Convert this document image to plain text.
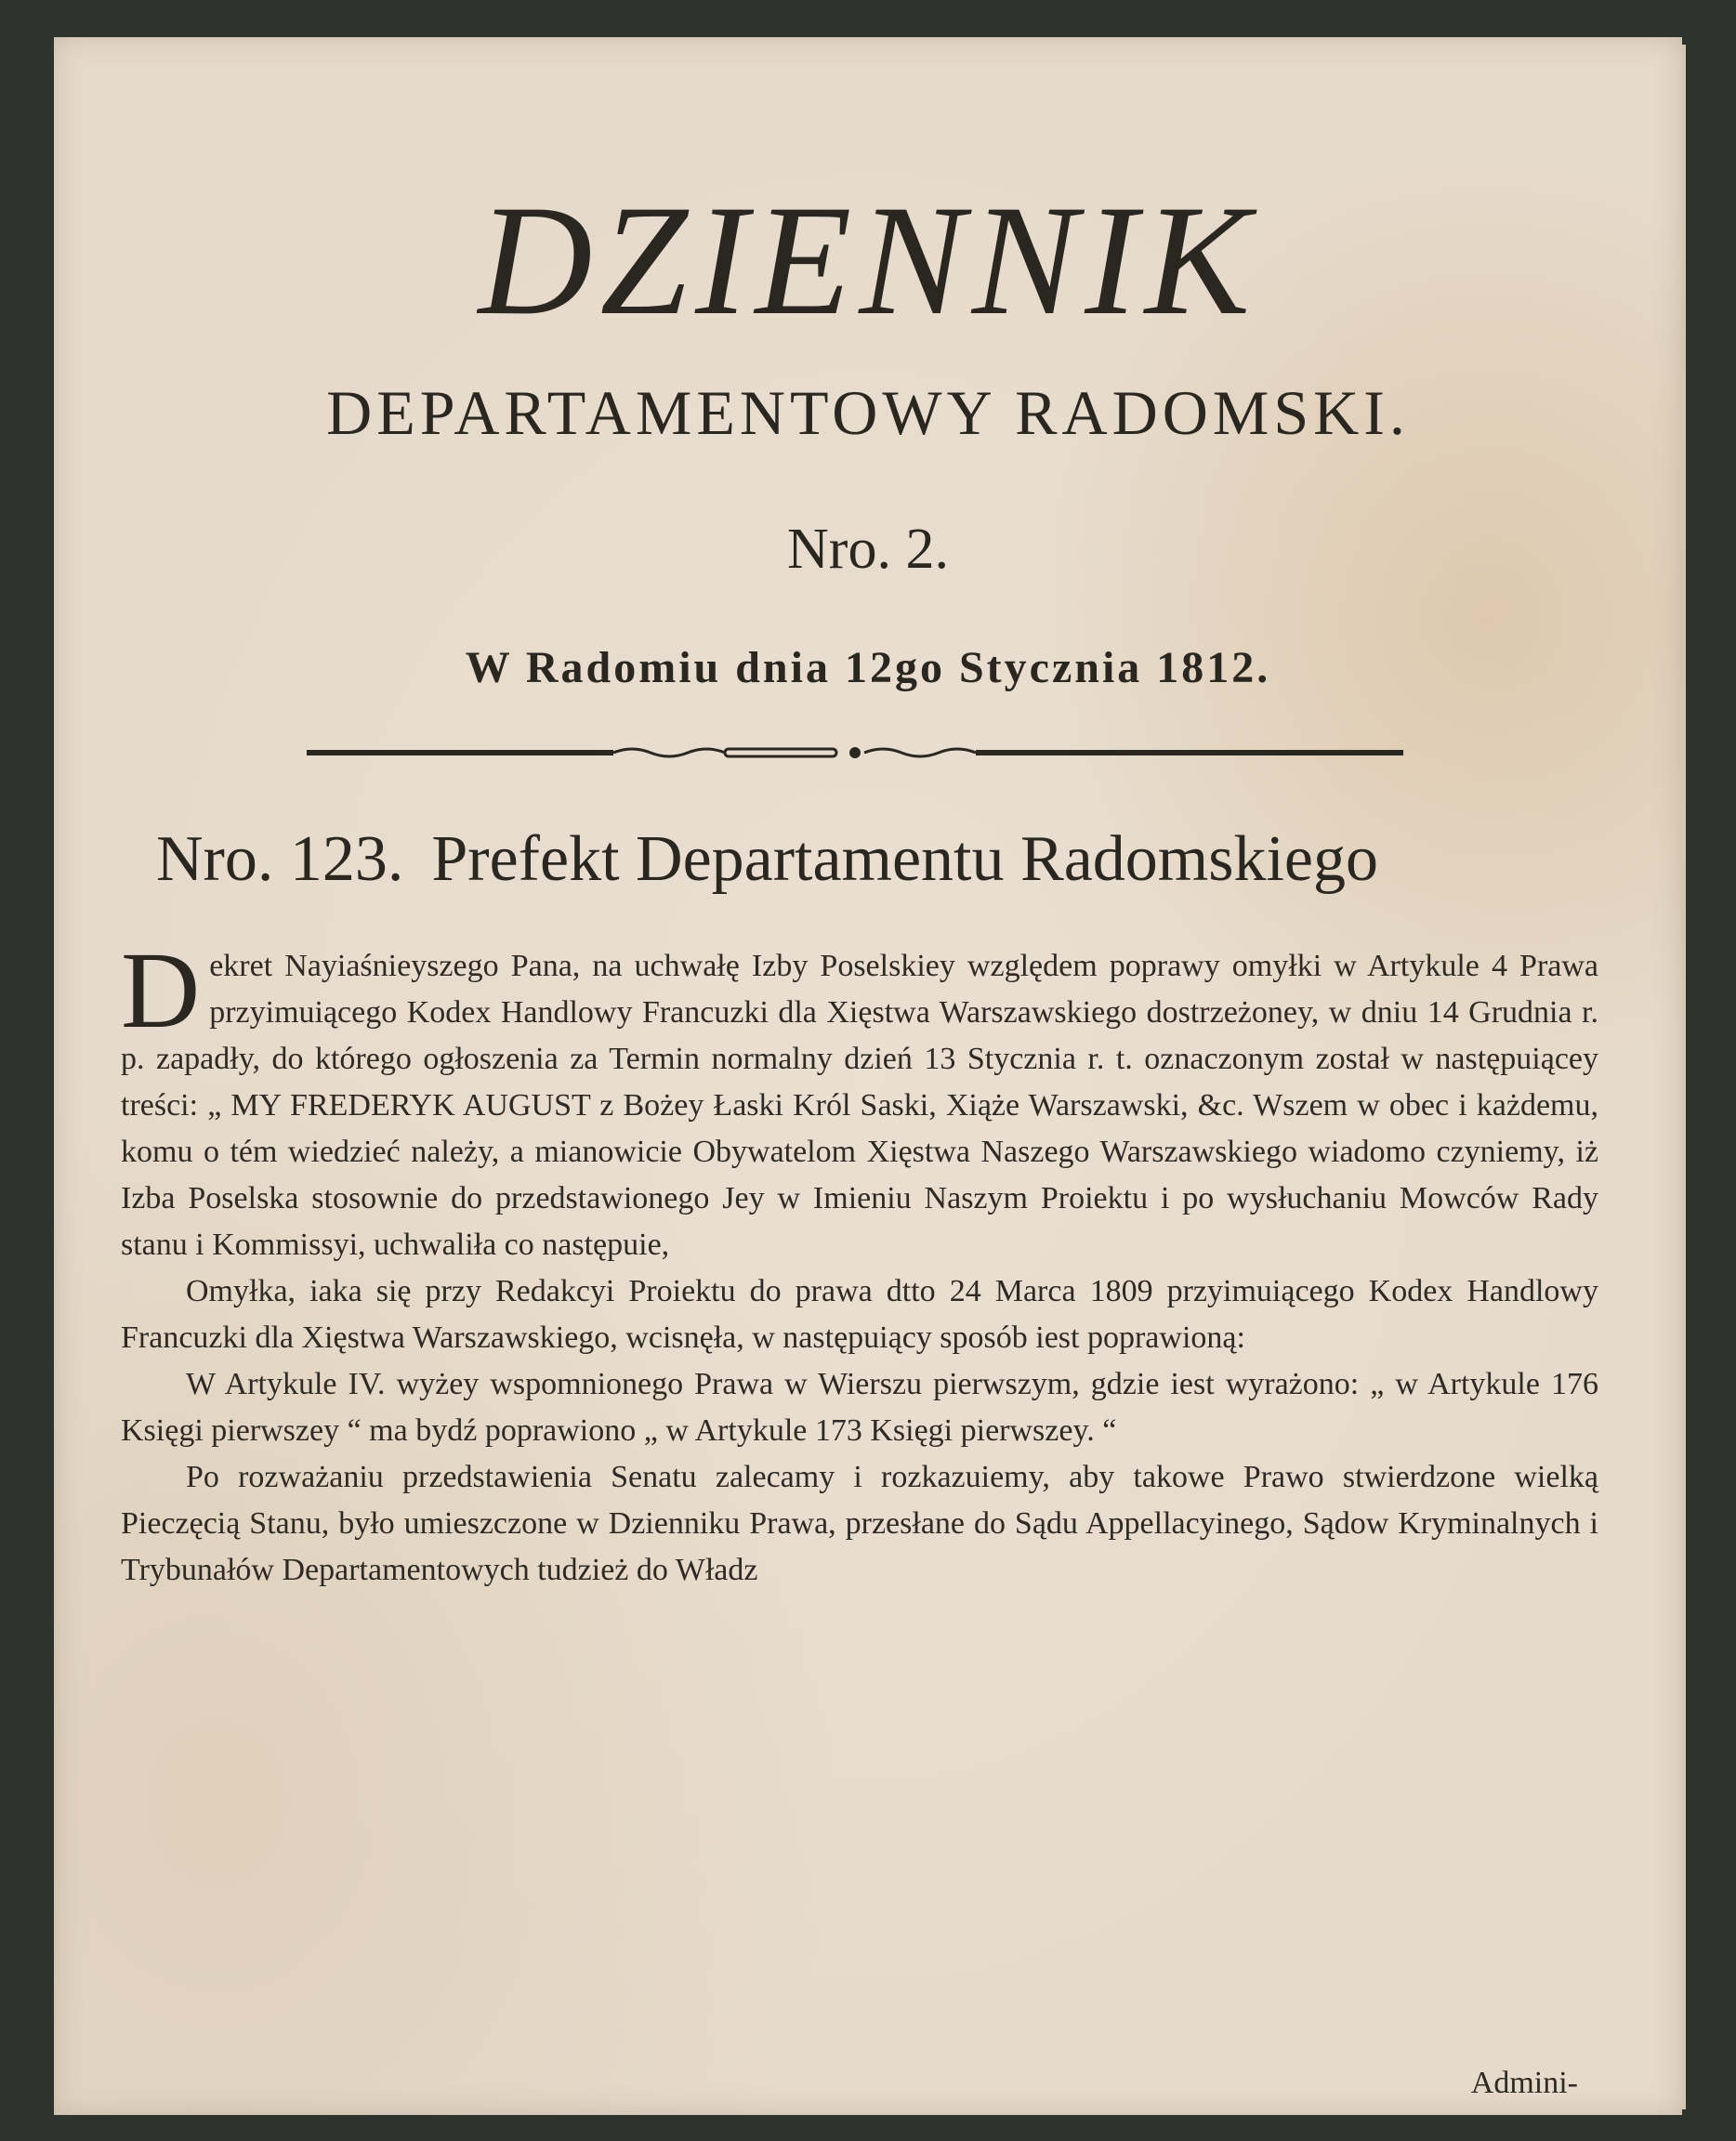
DZIENNIK
DEPARTAMENTOWY RADOMSKI.
Nro. 2.
W Radomiu dnia 12go Stycznia 1812.
Nro. 123. Prefekt Departamentu Radomskiego

Dekret Nayiaśnieyszego Pana, na uchwałę Izby Poselskiey względem poprawy omyłki w Artykule 4 Prawa przyimuiącego Kodex Handlowy Francuzki dla Xięstwa Warszawskiego dostrzeżoney, w dniu 14 Grudnia r. p. zapadły, do którego ogłoszenia za Termin normalny dzień 13 Stycznia r. t. oznaczonym został w następuiącey treści: „ MY FREDERYK AUGUST z Bożey Łaski Król Saski, Xiąże Warszawski, &c. Wszem w obec i każdemu, komu o tém wiedzieć należy, a mianowicie Obywatelom Xięstwa Naszego Warszawskiego wiadomo czyniemy, iż Izba Poselska stosownie do przedstawionego Jey w Imieniu Naszym Proiektu i po wysłuchaniu Mowców Rady stanu i Kommissyi, uchwaliła co następuie,

Omyłka, iaka się przy Redakcyi Proiektu do prawa dtto 24 Marca 1809 przyimuiącego Kodex Handlowy Francuzki dla Xięstwa Warszawskiego, wcisnęła, w następuiący sposób iest poprawioną:

W Artykule IV. wyżey wspomnionego Prawa w Wierszu pierwszym, gdzie iest wyrażono: „ w Artykule 176 Księgi pierwszey “ ma bydź poprawiono „ w Artykule 173 Księgi pierwszey. “

Po rozważaniu przedstawienia Senatu zalecamy i rozkazuiemy, aby takowe Prawo stwierdzone wielką Pieczęcią Stanu, było umieszczone w Dzienniku Prawa, przesłane do Sądu Appellacyinego, Sądow Kryminalnych i Trybunałów Departamentowych tudzież do Władz

Admini-
